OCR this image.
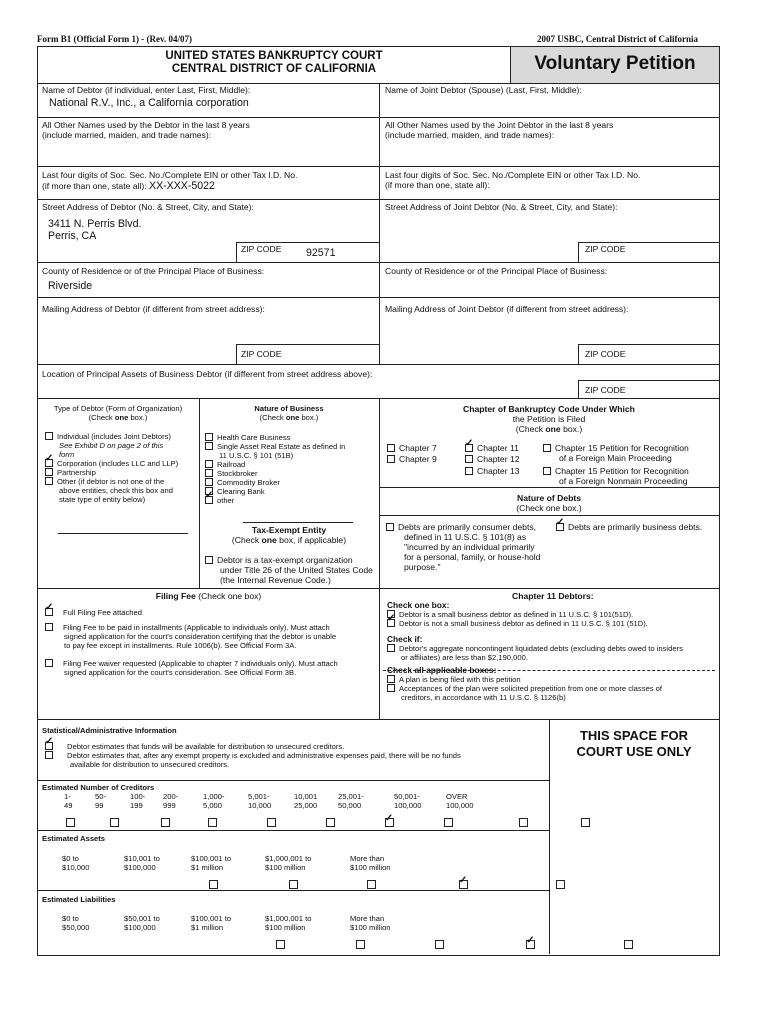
Form B1 (Official Form 1) - (Rev. 04/07)	2007 USBC, Central District of California
UNITED STATES BANKRUPTCY COURT
CENTRAL DISTRICT OF CALIFORNIA	Voluntary Petition
Name of Debtor (if individual, enter Last, First, Middle):
National R.V., Inc., a California corporation
All Other Names used by the Debtor in the last 8 years
(include married, maiden, and trade names):
Last four digits of Soc. Sec. No./Complete EIN or other Tax I.D. No.
(if more than one, state all): XX-XXX-5022
Street Address of Debtor (No. & Street, City, and State):
3411 N. Perris Blvd.
Perris, CA
ZIP CODE 92571
County of Residence or of the Principal Place of Business:
Riverside
Mailing Address of Debtor (if different from street address):
ZIP CODE
Name of Joint Debtor (Spouse) (Last, First, Middle):
All Other Names used by the Joint Debtor in the last 8 years
(include married, maiden, and trade names):
Last four digits of Soc. Sec. No./Complete EIN or other Tax I.D. No.
(if more than one, state all):
Street Address of Joint Debtor (No. & Street, City, and State):
ZIP CODE
County of Residence or of the Principal Place of Business:
Mailing Address of Joint Debtor (if different from street address):
ZIP CODE
Location of Principal Assets of Business Debtor (if different from street address above):
ZIP CODE
Type of Debtor (Form of Organization)
(Check one box.)
Individual (includes Joint Debtors)
See Exhibit D on page 2 of this
form
✓Corporation (includes LLC and LLP)
Partnership
Other (if debtor is not one of the
above entities, check this box and
state type of entity below)
Nature of Business
(Check one box.)
Health Care Business
Single Asset Real Estate as defined in
11 U.S.C. § 101 (51B)
Railroad
Stockbroker
Commodity Broker
Clearing Bank
✓other
Tax-Exempt Entity
(Check one box, if applicable)
Debtor is a tax-exempt organization
under Title 26 of the United States Code
(the Internal Revenue Code.)
Chapter of Bankruptcy Code Under Which
the Petition is Filed
(Check one box.)
Chapter 7
Chapter 9
✓Chapter 11
Chapter 12
Chapter 13
Chapter 15 Petition for Recognition
of a Foreign Main Proceeding
Chapter 15 Petition for Recognition
of a Foreign Nonmain Proceeding
Nature of Debts
(Check one box.)
Debts are primarily consumer debts,
defined in 11 U.S.C. § 101(8) as
"incurred by an individual primarily
for a personal, family, or house-hold
purpose."
✓Debts are primarily business debts.
Filing Fee (Check one box)
✓Full Filing Fee attached
Filing Fee to be paid in installments (Applicable to individuals only). Must attach
signed application for the court's consideration certifying that the debtor is unable
to pay fee except in installments. Rule 1006(b). See Official Form 3A.
Filing Fee waiver requested (Applicable to chapter 7 individuals only). Must attach
signed application for the court's consideration. See Official Form 3B.
Chapter 11 Debtors:
Check one box:
Debtor is a small business debtor as defined in 11 U.S.C. § 101(51D).
✓Debtor is not a small business debtor as defined in 11 U.S.C. § 101 (51D).
Check if:
Debtor's aggregate noncontingent liquidated debts (excluding debts owed to insiders
or affiliates) are less than $2,190,000.
Check all applicable boxes:
A plan is being filed with this petition
Acceptances of the plan were solicited prepetition from one or more classes of
creditors, in accordance with 11 U.S.C. § 1126(b)
Statistical/Administrative Information
✓Debtor estimates that funds will be available for distribution to unsecured creditors.
Debtor estimates that, after any exempt property is excluded and administrative expenses paid, there will be no funds
available for distribution to unsecured creditors.
THIS SPACE FOR
COURT USE ONLY
Estimated Number of Creditors
1-
49
50-
99
100-
199
200-
999
1,000-
5,000
5,001-
10,000
10,001
25,000
25,001-
50,000
50,001-
100,000
OVER
100,000
✓
Estimated Assets
$0 to
$10,000
$10,001 to
$100,000
$100,001 to
$1 million
$1,000,001 to
$100 million
More than
$100 million
✓
Estimated Liabilities
$0 to
$50,000
$50,001 to
$100,000
$100,001 to
$1 million
$1,000,001 to
$100 million
More than
$100 million
✓
